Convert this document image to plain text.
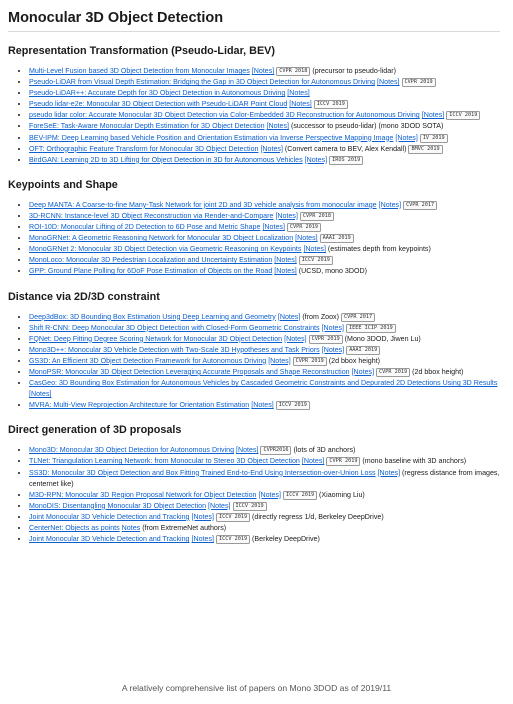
Monocular 3D Object Detection
Representation Transformation (Pseudo-Lidar, BEV)
• Multi-Level Fusion based 3D Object Detection from Monocular Images [Notes] CVPR 2018 (precursor to pseudo-lidar)
• Pseudo-LiDAR from Visual Depth Estimation: Bridging the Gap in 3D Object Detection for Autonomous Driving [Notes] CVPR 2019
• Pseudo-LiDAR++: Accurate Depth for 3D Object Detection in Autonomous Driving [Notes]
• Pseudo lidar-e2e: Monocular 3D Object Detection with Pseudo-LiDAR Point Cloud [Notes] ICCV 2019
• pseudo lidar color: Accurate Monocular 3D Object Detection via Color-Embedded 3D Reconstruction for Autonomous Driving [Notes] ICCV 2019
• ForeSeE: Task-Aware Monocular Depth Estimation for 3D Object Detection [Notes] (successor to pseudo-lidar) (mono 3DOD SOTA)
• BEV-IPM: Deep Learning based Vehicle Position and Orientation Estimation via Inverse Perspective Mapping Image [Notes] IV 2019
• OFT: Orthographic Feature Transform for Monocular 3D Object Detection [Notes] (Convert camera to BEV, Alex Kendall) BMVC 2019
• BirdGAN: Learning 2D to 3D Lifting for Object Detection in 3D for Autonomous Vehicles [Notes] IROS 2019
Keypoints and Shape
• Deep MANTA: A Coarse-to-fine Many-Task Network for joint 2D and 3D vehicle analysis from monocular image [Notes] CVPR 2017
• 3D-RCNN: Instance-level 3D Object Reconstruction via Render-and-Compare [Notes] CVPR 2018
• ROI-10D: Monocular Lifting of 2D Detection to 6D Pose and Metric Shape [Notes] CVPR 2019
• MonoGRNet: A Geometric Reasoning Network for Monocular 3D Object Localization [Notes] AAAI 2019
• MonoGRNet 2: Monocular 3D Object Detection via Geometric Reasoning on Keypoints [Notes] (estimates depth from keypoints)
• MonoLoco: Monocular 3D Pedestrian Localization and Uncertainty Estimation [Notes] ICCV 2019
• GPP: Ground Plane Polling for 6DoF Pose Estimation of Objects on the Road [Notes] (UCSD, mono 3DOD)
Distance via 2D/3D constraint
• Deep3dBox: 3D Bounding Box Estimation Using Deep Learning and Geometry [Notes] (from Zoox) CVPR 2017
• Shift R-CNN: Deep Monocular 3D Object Detection with Closed-Form Geometric Constraints [Notes] IEEE ICIP 2019
• FQNet: Deep Fitting Degree Scoring Network for Monocular 3D Object Detection [Notes] CVPR 2019 (Mono 3DOD, Jiwen Lu)
• Mono3D++: Monocular 3D Vehicle Detection with Two-Scale 3D Hypotheses and Task Priors [Notes] AAAI 2019
• GS3D: An Efficient 3D Object Detection Framework for Autonomous Driving [Notes] CVPR 2019 (2d bbox height)
• MonoPSR: Monocular 3D Object Detection Leveraging Accurate Proposals and Shape Reconstruction [Notes] CVPR 2019 (2d bbox height)
• CasGeo: 3D Bounding Box Estimation for Autonomous Vehicles by Cascaded Geometric Constraints and Depurated 2D Detections Using 3D Results [Notes]
• MVRA: Multi-View Reprojection Architecture for Orientation Estimation [Notes] ICCV 2019
Direct generation of 3D proposals
• Mono3D: Monocular 3D Object Detection for Autonomous Driving [Notes] CVPR2016 (lots of 3D anchors)
• TLNet: Triangulation Learning Network: from Monocular to Stereo 3D Object Detection [Notes] CVPR 2019 (mono baseline with 3D anchors)
• SS3D: Monocular 3D Object Detection and Box Fitting Trained End-to-End Using Intersection-over-Union Loss [Notes] (regress distance from images, centernet like)
• M3D-RPN: Monocular 3D Region Proposal Network for Object Detection [Notes] ICCV 2019 (Xiaoming Liu)
• MonoDIS: Disentangling Monocular 3D Object Detection [Notes] ICCV 2019
• Joint Monocular 3D Vehicle Detection and Tracking [Notes] ICCV 2019 (directly regress 1/d, Berkeley DeepDrive)
• CenterNet: Objects as points Notes (from ExtremeNet authors)
• Joint Monocular 3D Vehicle Detection and Tracking [Notes] ICCV 2019 (Berkeley DeepDrive)
A relatively comprehensive list of papers on Mono 3DOD as of 2019/11
